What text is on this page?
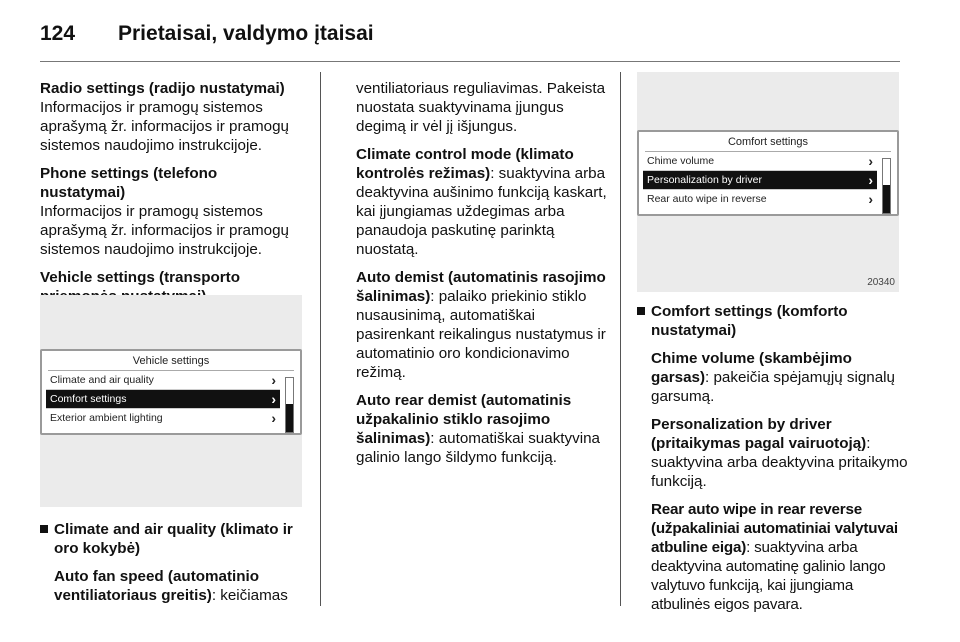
124	Prietaisai, valdymo įtaisai
Radio settings (radijo nustatymai)
Informacijos ir pramogų sistemos aprašymą žr. informacijos ir pramogų sistemos naudojimo instrukcijoje.
Phone settings (telefono nustatymai)
Informacijos ir pramogų sistemos aprašymą žr. informacijos ir pramogų sistemos naudojimo instrukcijoje.
Vehicle settings (transporto
Vehicle settings
Climate and air quality	›
Comfort settings	›
Exterior ambient lighting	›
Climate and air quality (klimato ir oro kokybė)
Auto fan speed (automatinio ventiliatoriaus greitis): keičiamas
ventiliatoriaus reguliavimas. Pakeista nuostata suaktyvinama įjungus degimą ir vėl jį išjungus.
Climate control mode (klimato kontrolės režimas): suaktyvina arba deaktyvina aušinimo funkciją kaskart, kai įjungiamas uždegimas arba panaudoja paskutinę parinktą nuostatą.
Auto demist (automatinis rasojimo šalinimas): palaiko priekinio stiklo nusausinimą, automatiškai pasirenkant reikalingus nustatymus ir automatinio oro kondicionavimo režimą.
Auto rear demist (automatinis užpakalinio stiklo rasojimo šalinimas): automatiškai suaktyvina galinio lango šildymo funkciją.
Comfort settings
Chime volume	›
Personalization by driver	›
Rear auto wipe in reverse	›
20340
Comfort settings (komforto nustatymai)
Chime volume (skambėjimo garsas): pakeičia spėjamųjų signalų garsumą.
Personalization by driver (pritaikymas pagal vairuotoją): suaktyvina arba deaktyvina pritaikymo funkciją.
Rear auto wipe in rear reverse (užpakaliniai automatiniai valytuvai atbuline eiga): suaktyvina arba deaktyvina automatinę galinio lango valytuvo funkciją, kai įjungiama atbulinės eigos pavara.
